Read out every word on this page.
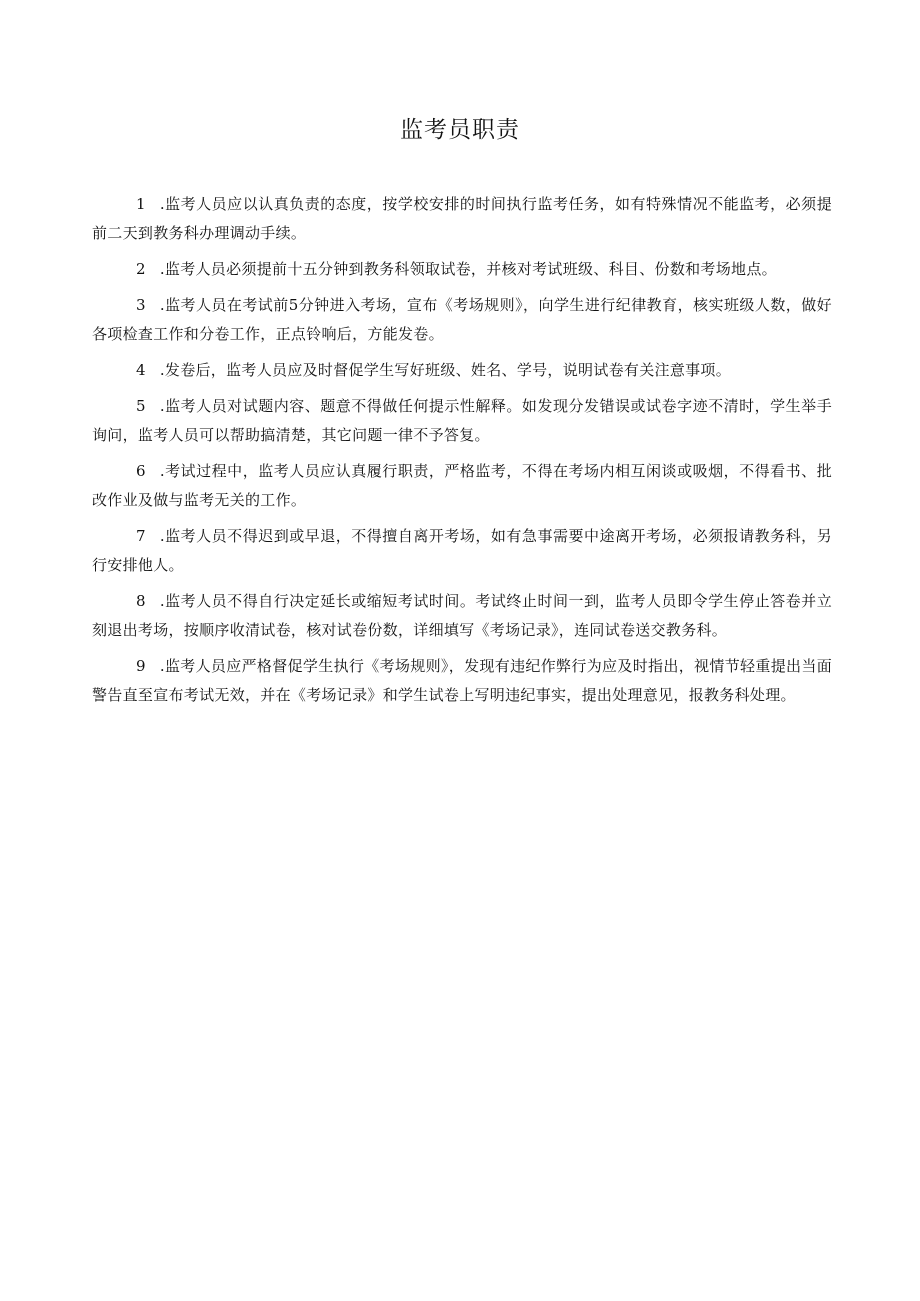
监考员职责

1 .监考人员应以认真负责的态度，按学校安排的时间执行监考任务，如有特殊情况不能监考，必须提前二天到教务科办理调动手续。

2 .监考人员必须提前十五分钟到教务科领取试卷，并核对考试班级、科目、份数和考场地点。

3 .监考人员在考试前5分钟进入考场，宣布《考场规则》，向学生进行纪律教育，核实班级人数，做好各项检查工作和分卷工作，正点铃响后，方能发卷。

4 .发卷后，监考人员应及时督促学生写好班级、姓名、学号，说明试卷有关注意事项。

5 .监考人员对试题内容、题意不得做任何提示性解释。如发现分发错误或试卷字迹不清时，学生举手询问，监考人员可以帮助搞清楚，其它问题一律不予答复。

6 .考试过程中，监考人员应认真履行职责，严格监考，不得在考场内相互闲谈或吸烟，不得看书、批改作业及做与监考无关的工作。

7 .监考人员不得迟到或早退，不得擅自离开考场，如有急事需要中途离开考场，必须报请教务科，另行安排他人。

8 .监考人员不得自行决定延长或缩短考试时间。考试终止时间一到，监考人员即令学生停止答卷并立刻退出考场，按顺序收清试卷，核对试卷份数，详细填写《考场记录》，连同试卷送交教务科。

9 .监考人员应严格督促学生执行《考场规则》，发现有违纪作弊行为应及时指出，视情节轻重提出当面警告直至宣布考试无效，并在《考场记录》和学生试卷上写明违纪事实，提出处理意见，报教务科处理。
